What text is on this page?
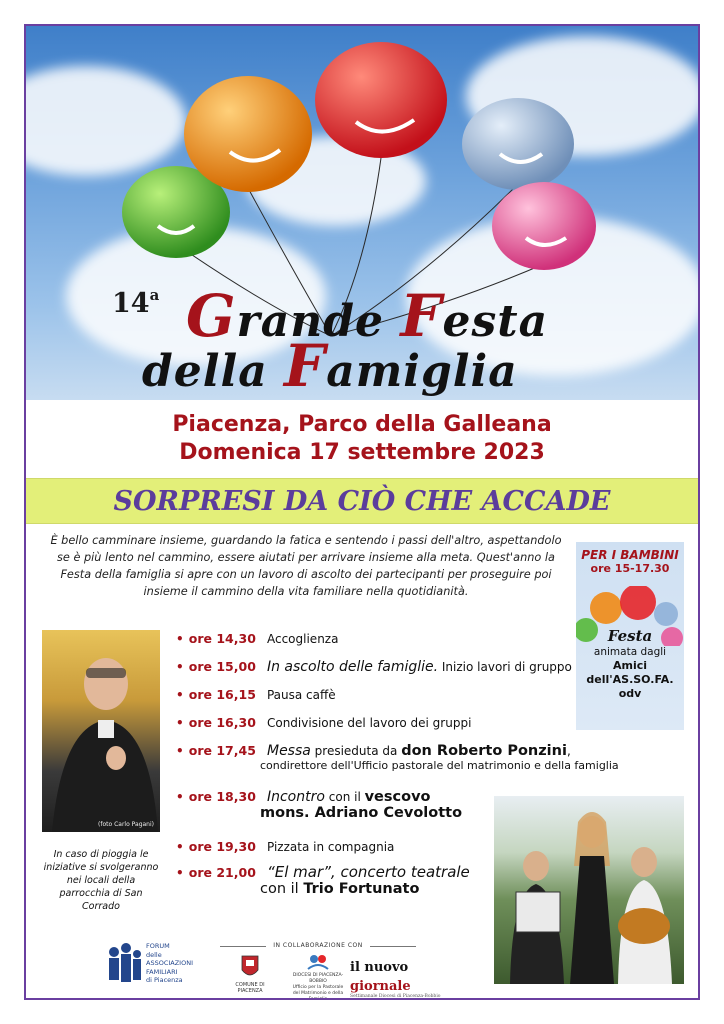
14$^a$ Grande Festa
della Famiglia
Piacenza, Parco della Galleana
Domenica 17 settembre 2023
SORPRESI DA CIÒ CHE ACCADE
È bello camminare insieme, guardando la fatica e sentendo i passi dell'altro, aspettandolo se è più lento nel cammino, essere aiutati per arrivare insieme alla meta. Quest'anno la Festa della famiglia si apre con un lavoro di ascolto dei partecipanti per proseguire poi insieme il cammino della vita familiare nella quotidianità.
PER I BAMBINI
ore 15-17.30
Festa
animata dagli
Amici
dell'AS.SO.FA.
odv
(foto Carlo Pagani)
In caso di pioggia le iniziative si svolgeranno nei locali della parrocchia di San Corrado
• ore 14,30 Accoglienza
• ore 15,00 In ascolto delle famiglie. Inizio lavori di gruppo
• ore 16,15 Pausa caffè
• ore 16,30 Condivisione del lavoro dei gruppi
• ore 17,45 Messa presieduta da don Roberto Ponzini,
condirettore dell'Ufficio pastorale del matrimonio e della famiglia
• ore 18,30 Incontro con il vescovo
mons. Adriano Cevolotto
• ore 19,30 Pizzata in compagnia
• ore 21,00 “El mar”, concerto teatrale
con il Trio Fortunato
FORUM
delle
ASSOCIAZIONI
FAMILIARI
di Piacenza
IN COLLABORAZIONE CON
COMUNE DI PIACENZA
DIOCESI DI PIACENZA-BOBBIO
Ufficio per la Pastorale
del Matrimonio e della Famiglia
il nuovo
giornale
Settimanale Diocesi di Piacenza-Bobbio
